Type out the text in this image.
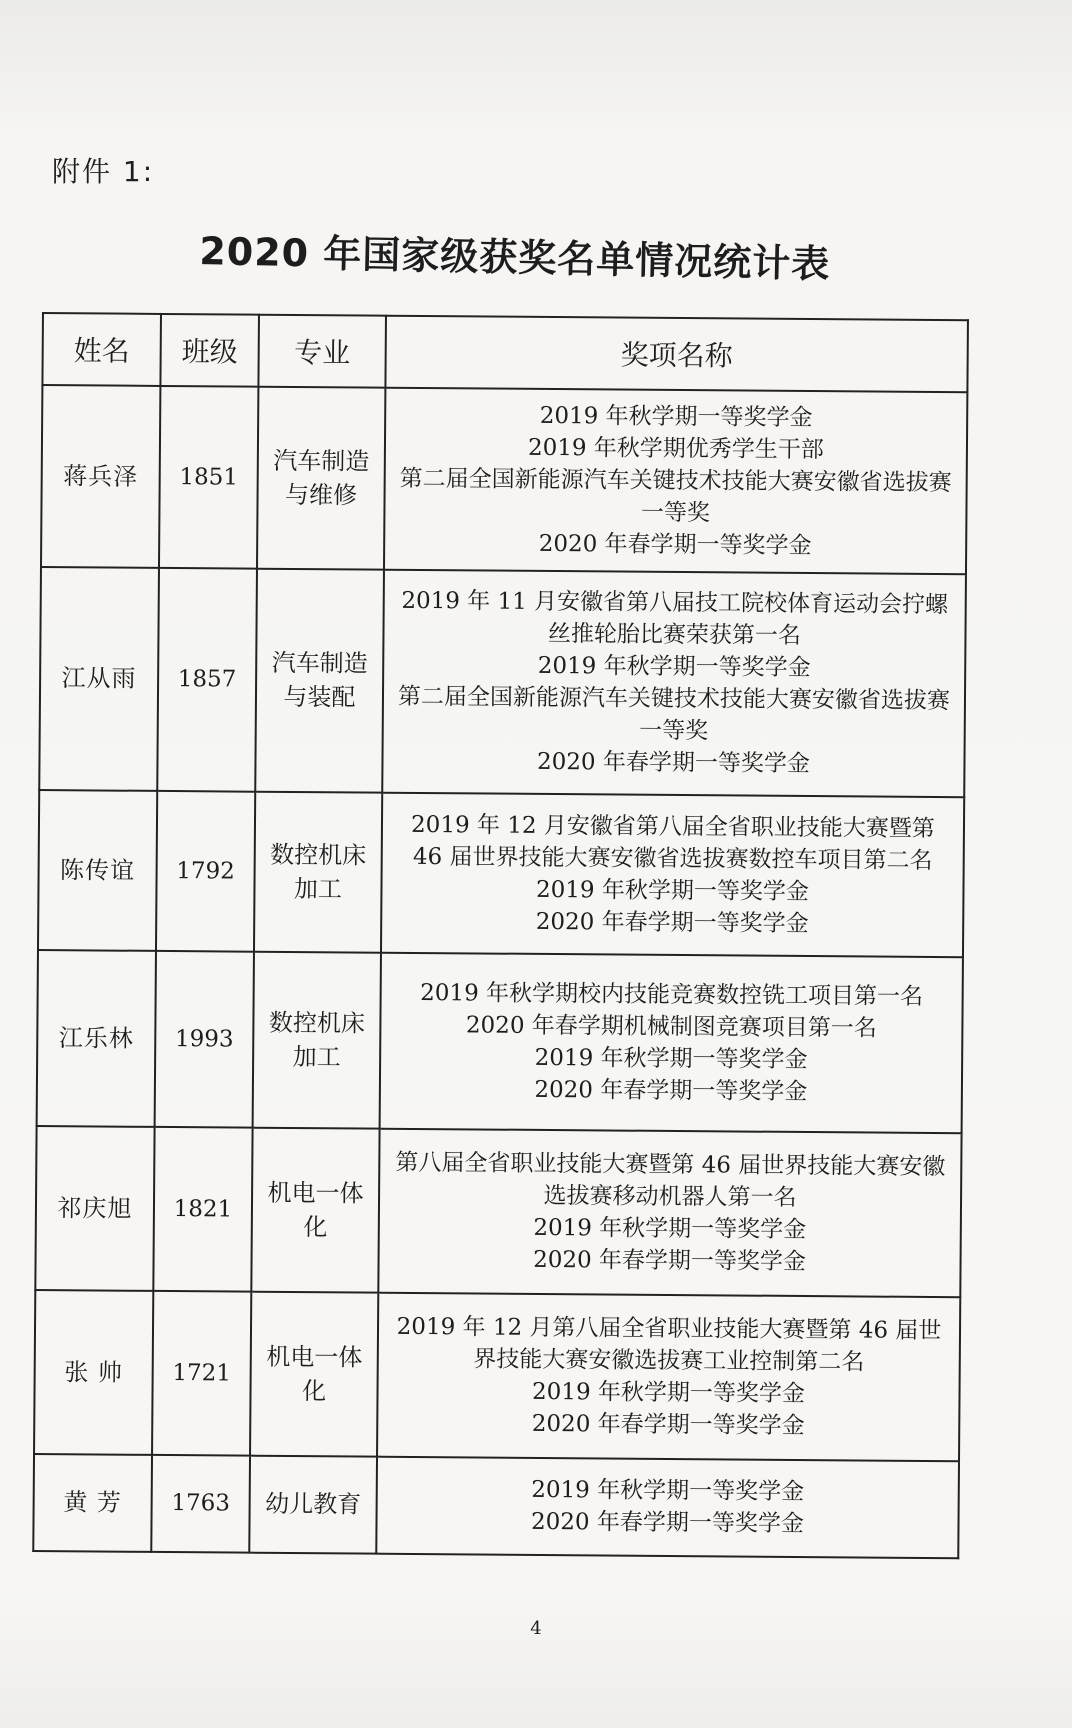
附件 1:
2020 年国家级获奖名单情况统计表
姓名	班级	专业	奖项名称
蒋兵泽	1851	汽车制造与维修	2019 年秋学期一等奖学金
2019 年秋学期优秀学生干部
第二届全国新能源汽车关键技术技能大赛安徽省选拔赛一等奖
2020 年春学期一等奖学金

江从雨	1857	汽车制造与装配	2019 年 11 月安徽省第八届技工院校体育运动会拧螺丝推轮胎比赛荣获第一名
2019 年秋学期一等奖学金
第二届全国新能源汽车关键技术技能大赛安徽省选拔赛一等奖
2020 年春学期一等奖学金

陈传谊	1792	数控机床加工	2019 年 12 月安徽省第八届全省职业技能大赛暨第 46 届世界技能大赛安徽省选拔赛数控车项目第二名
2019 年秋学期一等奖学金
2020 年春学期一等奖学金

江乐林	1993	数控机床加工	2019 年秋学期校内技能竞赛数控铣工项目第一名
2020 年春学期机械制图竞赛项目第一名
2019 年秋学期一等奖学金
2020 年春学期一等奖学金

祁庆旭	1821	机电一体化	第八届全省职业技能大赛暨第 46 届世界技能大赛安徽选拔赛移动机器人第一名
2019 年秋学期一等奖学金
2020 年春学期一等奖学金

张 帅	1721	机电一体化	2019 年 12 月第八届全省职业技能大赛暨第 46 届世界技能大赛安徽选拔赛工业控制第二名
2019 年秋学期一等奖学金
2020 年春学期一等奖学金

黄 芳	1763	幼儿教育	2019 年秋学期一等奖学金
2020 年春学期一等奖学金
4
